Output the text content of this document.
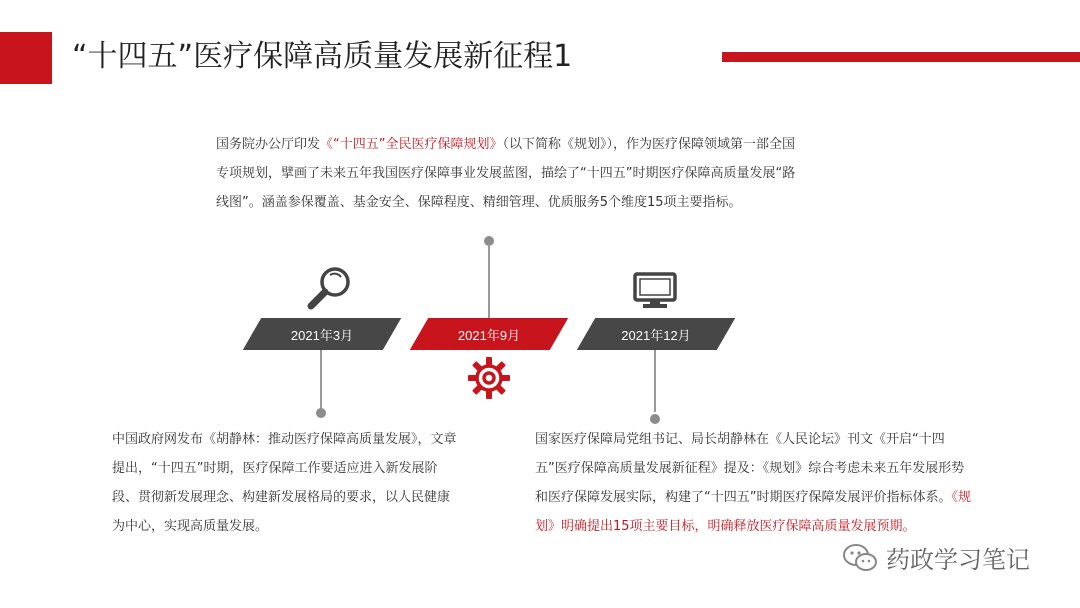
“十四五”医疗保障高质量发展新征程1
国务院办公厅印发《“十四五”全民医疗保障规划》（以下简称《规划》），作为医疗保障领域第一部全国专项规划，擘画了未来五年我国医疗保障事业发展蓝图，描绘了“十四五”时期医疗保障高质量发展“路线图”。涵盖参保覆盖、基金安全、保障程度、精细管理、优质服务5个维度15项主要指标。
2021年3月	2021年9月	2021年12月
中国政府网发布《胡静林：推动医疗保障高质量发展》，文章提出，“十四五”时期，医疗保障工作要适应进入新发展阶段、贯彻新发展理念、构建新发展格局的要求，以人民健康为中心，实现高质量发展。
国家医疗保障局党组书记、局长胡静林在《人民论坛》刊文《开启“十四五”医疗保障高质量发展新征程》提及：《规划》综合考虑未来五年发展形势和医疗保障发展实际，构建了“十四五”时期医疗保障发展评价指标体系。《规划》明确提出15项主要目标，明确释放医疗保障高质量发展预期。
药政学习笔记
